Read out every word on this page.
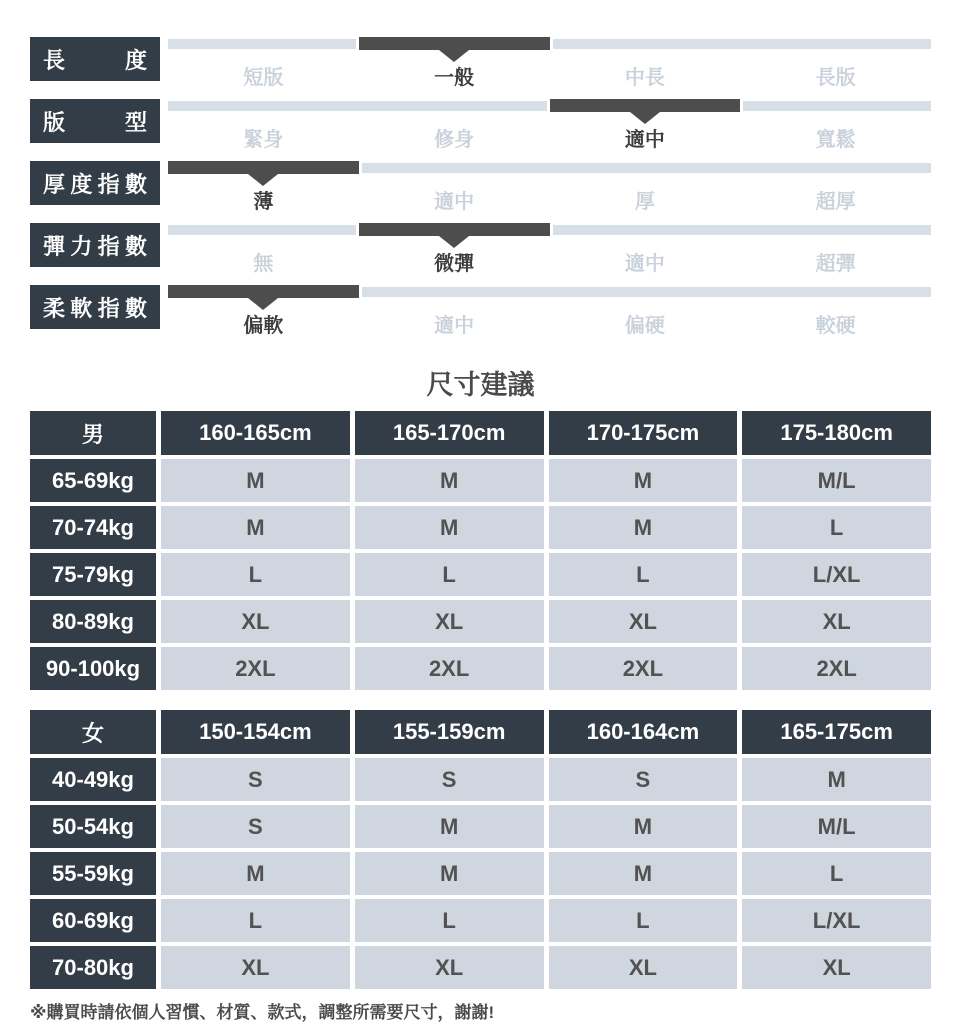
長	度
短版	一般	中長	長版
版	型
緊身	修身	適中	寬鬆
厚 度 指 數
薄	適中	厚	超厚
彈 力 指 數
無	微彈	適中	超彈
柔 軟 指 數
偏軟	適中	偏硬	較硬
尺寸建議
男	160-165cm	165-170cm	170-175cm	175-180cm
65-69kg	M	M	M	M/L
70-74kg	M	M	M	L
75-79kg	L	L	L	L/XL
80-89kg	XL	XL	XL	XL
90-100kg	2XL	2XL	2XL	2XL
女	150-154cm	155-159cm	160-164cm	165-175cm
40-49kg	S	S	S	M
50-54kg	S	M	M	M/L
55-59kg	M	M	M	L
60-69kg	L	L	L	L/XL
70-80kg	XL	XL	XL	XL
※購買時請依個人習慣、材質、款式，調整所需要尺寸，謝謝!
